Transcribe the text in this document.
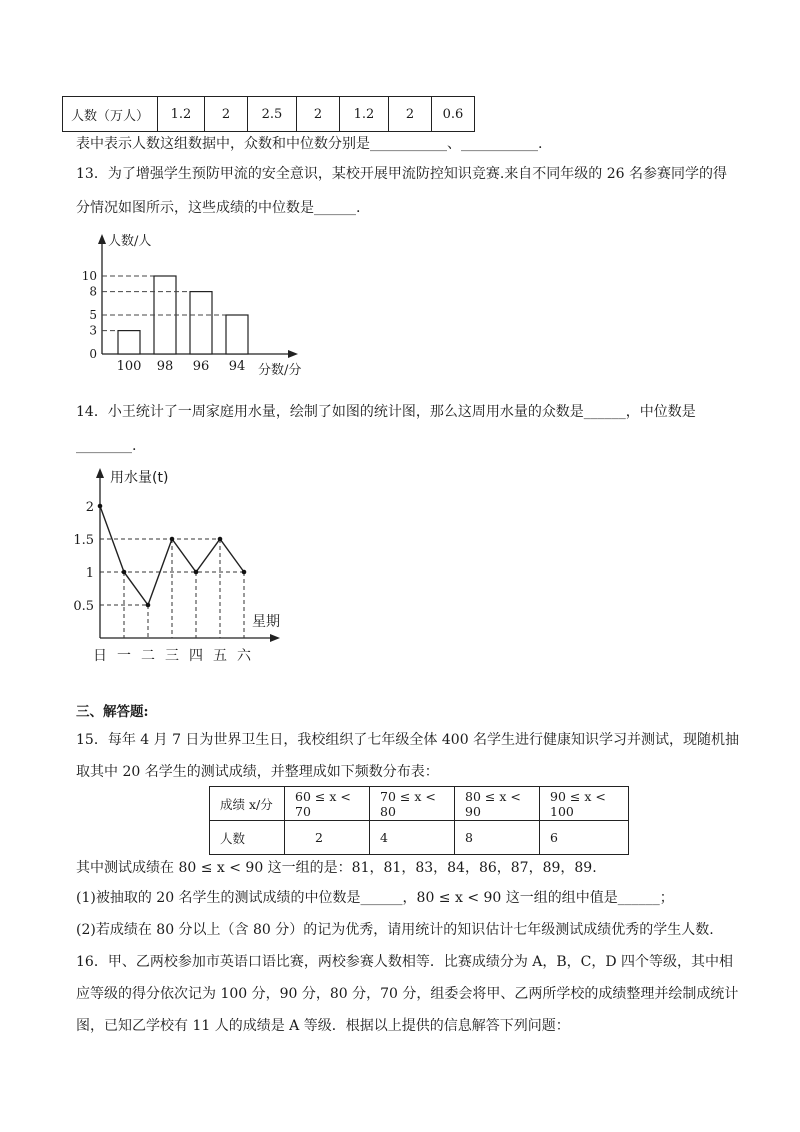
人数（万人）	1.2	2	2.5	2	1.2	2	0.6
表中表示人数这组数据中，众数和中位数分别是___________、___________.
13．为了增强学生预防甲流的安全意识，某校开展甲流防控知识竞赛.来自不同年级的 26 名参赛同学的得
分情况如图所示，这些成绩的中位数是______.
人数/人
分数/分
0
3
5
8
10
100 98 96 94
14．小王统计了一周家庭用水量，绘制了如图的统计图，那么这周用水量的众数是______，中位数是
________.
用水量(t)
星期
0.5
1
1.5
2
日 一 二 三 四 五 六
三、解答题:
15．每年 4 月 7 日为世界卫生日，我校组织了七年级全体 400 名学生进行健康知识学习并测试，现随机抽
取其中 20 名学生的测试成绩，并整理成如下频数分布表：
成绩 x/分	60 ≤ x < 70	70 ≤ x < 80	80 ≤ x < 90	90 ≤ x < 100
人数	2	4	8	6
其中测试成绩在 80 ≤ x < 90 这一组的是：81，81，83，84，86，87，89，89.
(1)被抽取的 20 名学生的测试成绩的中位数是______，80 ≤ x < 90 这一组的组中值是______；
(2)若成绩在 80 分以上（含 80 分）的记为优秀，请用统计的知识估计七年级测试成绩优秀的学生人数.
16．甲、乙两校参加市英语口语比赛，两校参赛人数相等．比赛成绩分为 A，B，C，D 四个等级，其中相
应等级的得分依次记为 100 分，90 分，80 分，70 分，组委会将甲、乙两所学校的成绩整理并绘制成统计
图，已知乙学校有 11 人的成绩是 A 等级．根据以上提供的信息解答下列问题：
